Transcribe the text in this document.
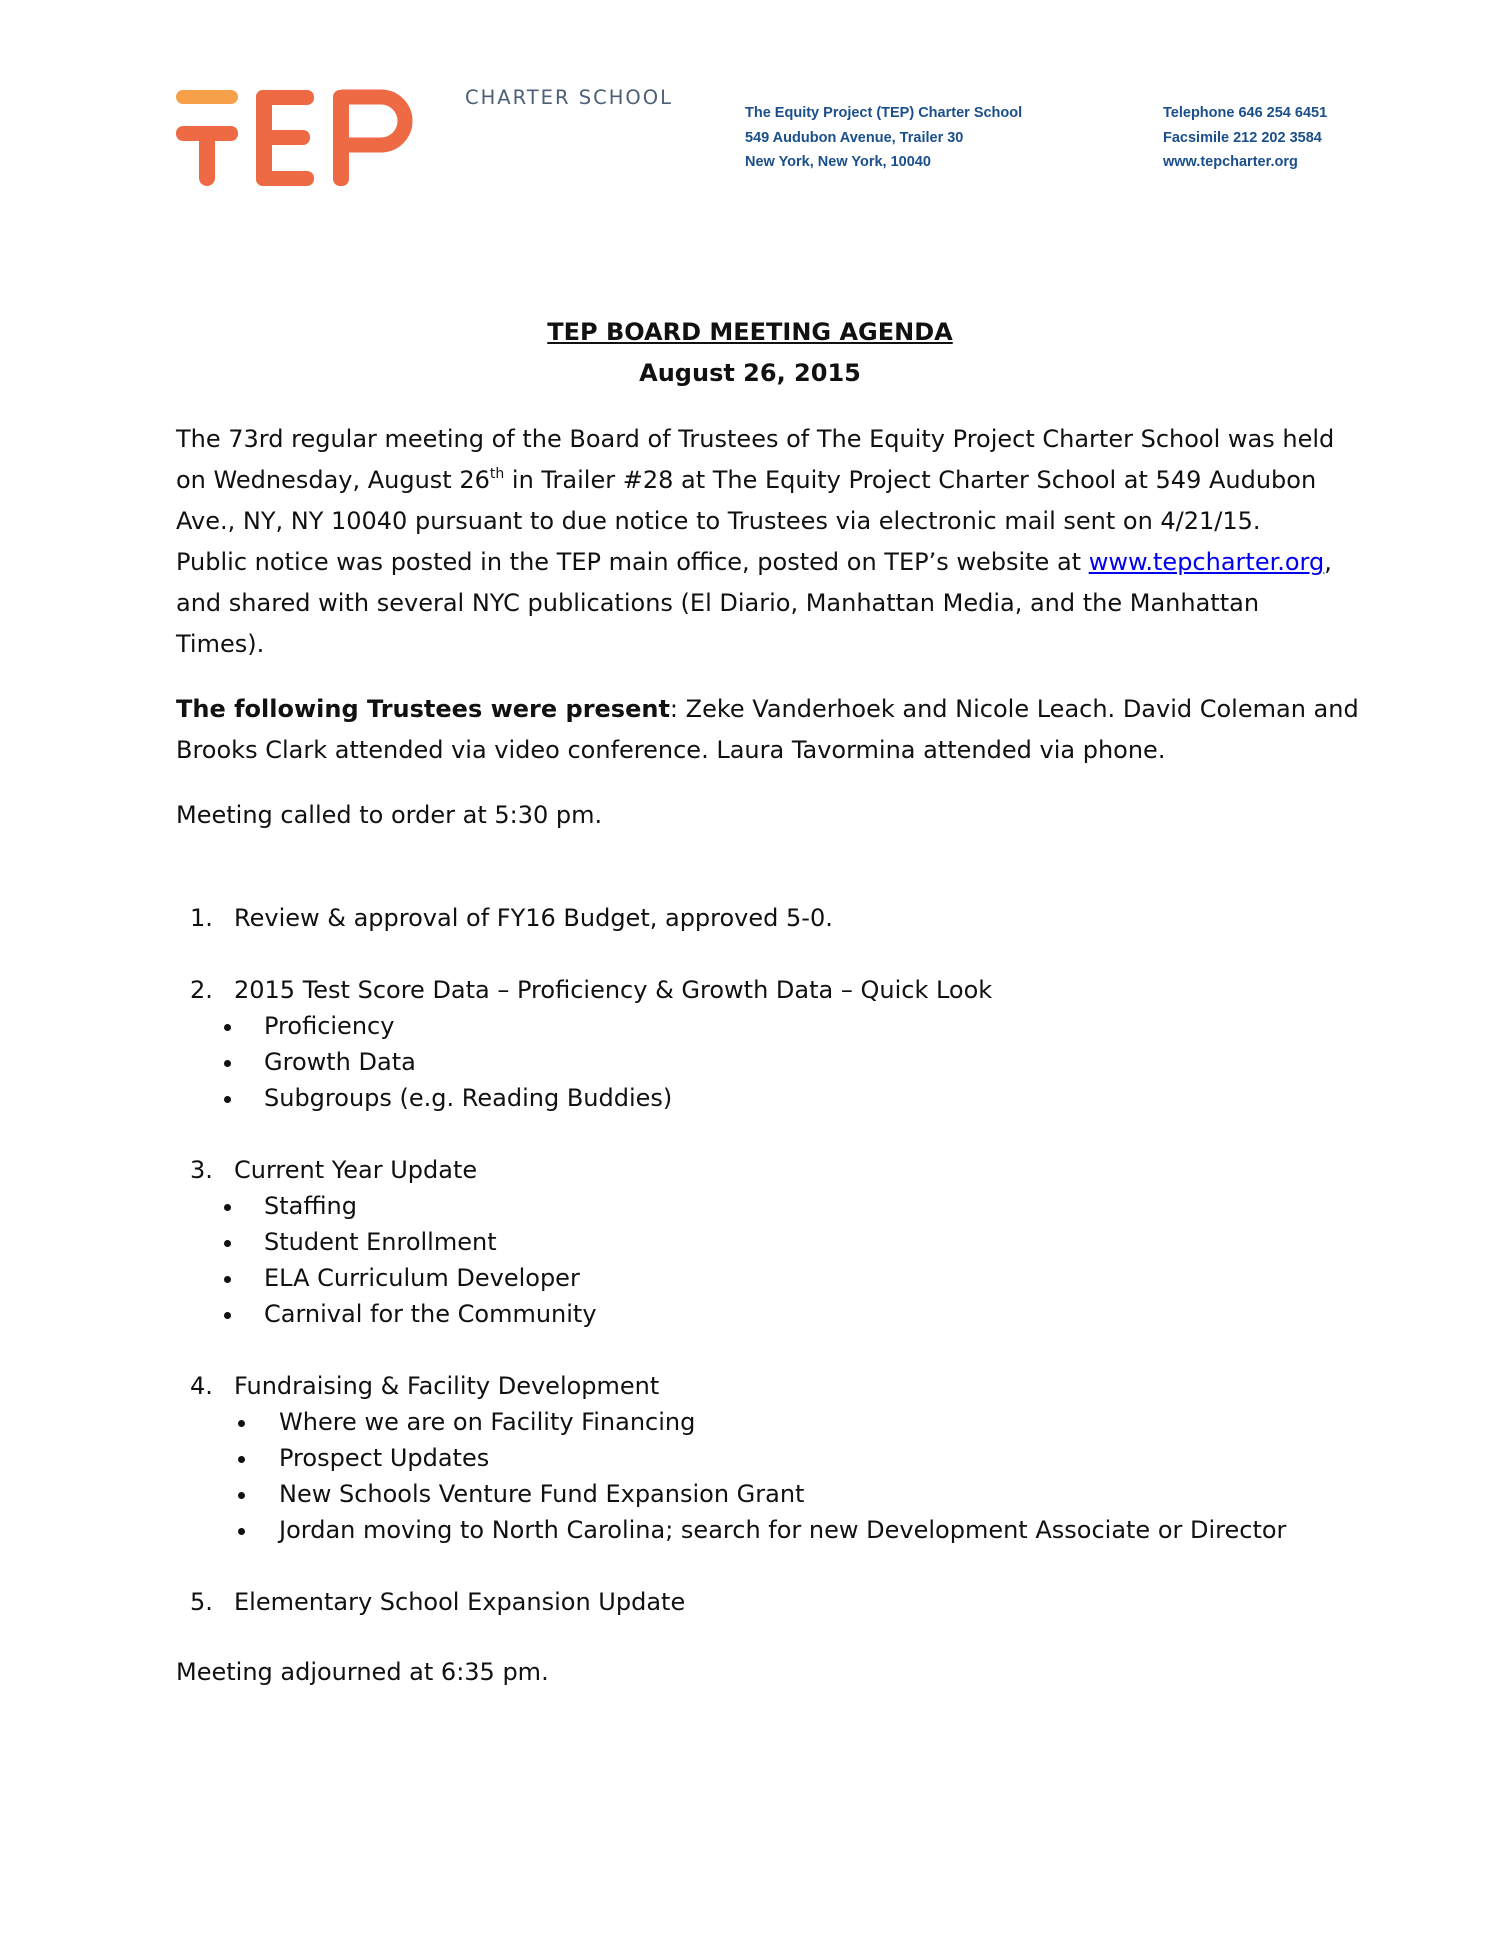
CHARTER SCHOOL
The Equity Project (TEP) Charter School
549 Audubon Avenue, Trailer 30
New York, New York, 10040
Telephone 646 254 6451
Facsimile 212 202 3584
www.tepcharter.org
TEP BOARD MEETING AGENDA
August 26, 2015
The 73rd regular meeting of the Board of Trustees of The Equity Project Charter School was held
on Wednesday, August 26th in Trailer #28 at The Equity Project Charter School at 549 Audubon
Ave., NY, NY 10040 pursuant to due notice to Trustees via electronic mail sent on 4/21/15.
Public notice was posted in the TEP main office, posted on TEP’s website at www.tepcharter.org,
and shared with several NYC publications (El Diario, Manhattan Media, and the Manhattan
Times).
The following Trustees were present: Zeke Vanderhoek and Nicole Leach. David Coleman and
Brooks Clark attended via video conference. Laura Tavormina attended via phone.
Meeting called to order at 5:30 pm.
1. Review & approval of FY16 Budget, approved 5-0.
2. 2015 Test Score Data – Proficiency & Growth Data – Quick Look
Proficiency
Growth Data
Subgroups (e.g. Reading Buddies)
3. Current Year Update
Staffing
Student Enrollment
ELA Curriculum Developer
Carnival for the Community
4. Fundraising & Facility Development
Where we are on Facility Financing
Prospect Updates
New Schools Venture Fund Expansion Grant
Jordan moving to North Carolina; search for new Development Associate or Director
5. Elementary School Expansion Update
Meeting adjourned at 6:35 pm.
